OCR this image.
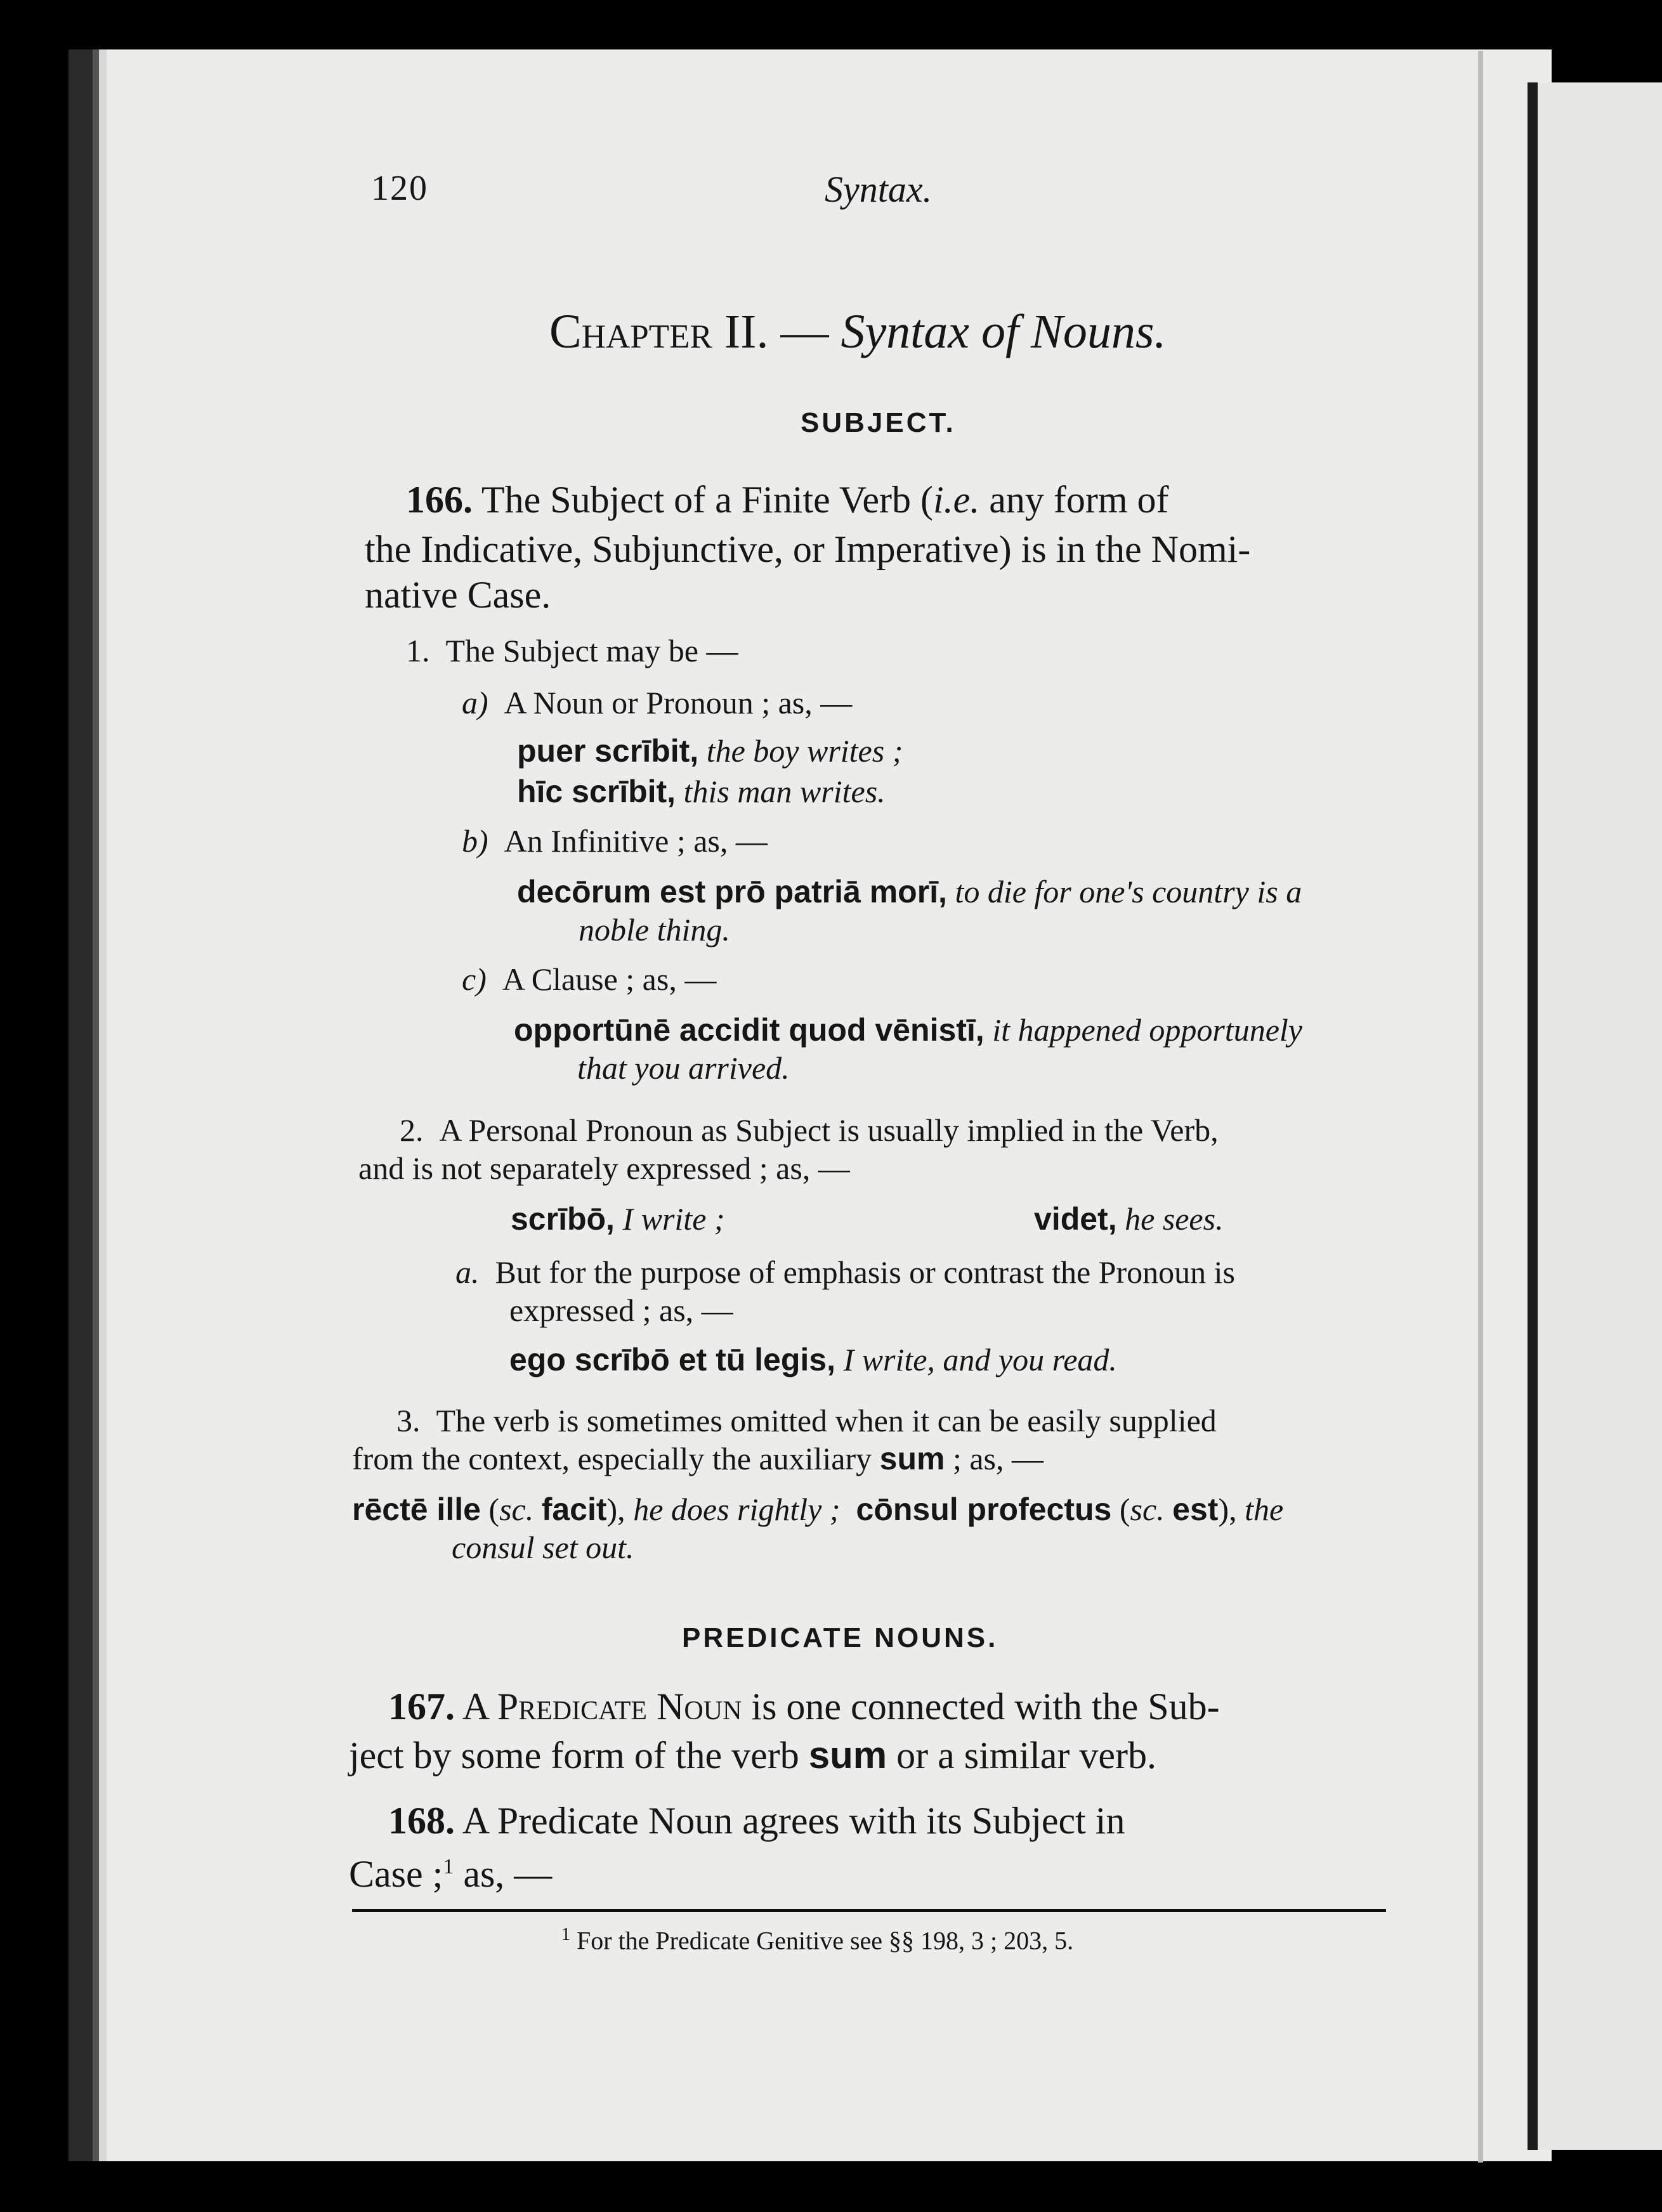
120	Syntax.
Chapter II. — Syntax of Nouns.
SUBJECT.
166. The Subject of a Finite Verb (i.e. any form of
the Indicative, Subjunctive, or Imperative) is in the Nomi-
native Case.
1. The Subject may be —
a) A Noun or Pronoun ; as, —
puer scrībit, the boy writes ;
hīc scrībit, this man writes.
b) An Infinitive ; as, —
decōrum est prō patriā morī, to die for one's country is a
noble thing.
c) A Clause ; as, —
opportūnē accidit quod vēnistī, it happened opportunely
that you arrived.
2. A Personal Pronoun as Subject is usually implied in the Verb,
and is not separately expressed ; as, —
scrībō, I write ;	videt, he sees.
a. But for the purpose of emphasis or contrast the Pronoun is
expressed ; as, —
ego scrībō et tū legis, I write, and you read.
3. The verb is sometimes omitted when it can be easily supplied
from the context, especially the auxiliary sum ; as, —
rēctē ille (sc. facit), he does rightly ; cōnsul profectus (sc. est), the
consul set out.
PREDICATE NOUNS.
167. A Predicate Noun is one connected with the Sub-
ject by some form of the verb sum or a similar verb.
168. A Predicate Noun agrees with its Subject in
Case ;$^1$ as, —
$^1$ For the Predicate Genitive see §§ 198, 3 ; 203, 5.
